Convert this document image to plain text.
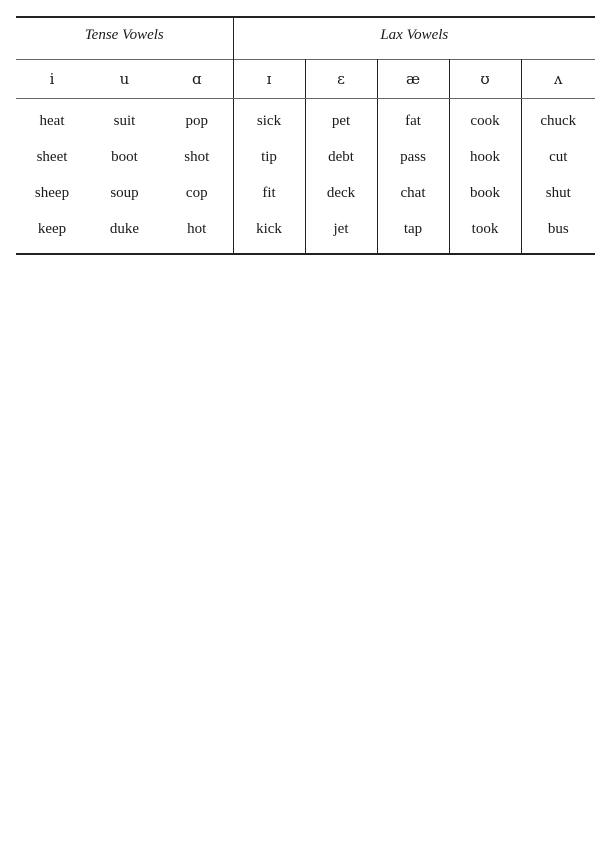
Tense Vowels			Lax Vowels				
i	u	ɑ	ɪ	ɛ	æ	ʊ	ʌ
heat	suit	pop	sick	pet	fat	cook	chuck
sheet	boot	shot	tip	debt	pass	hook	cut
sheep	soup	cop	fit	deck	chat	book	shut
keep	duke	hot	kick	jet	tap	took	bus
